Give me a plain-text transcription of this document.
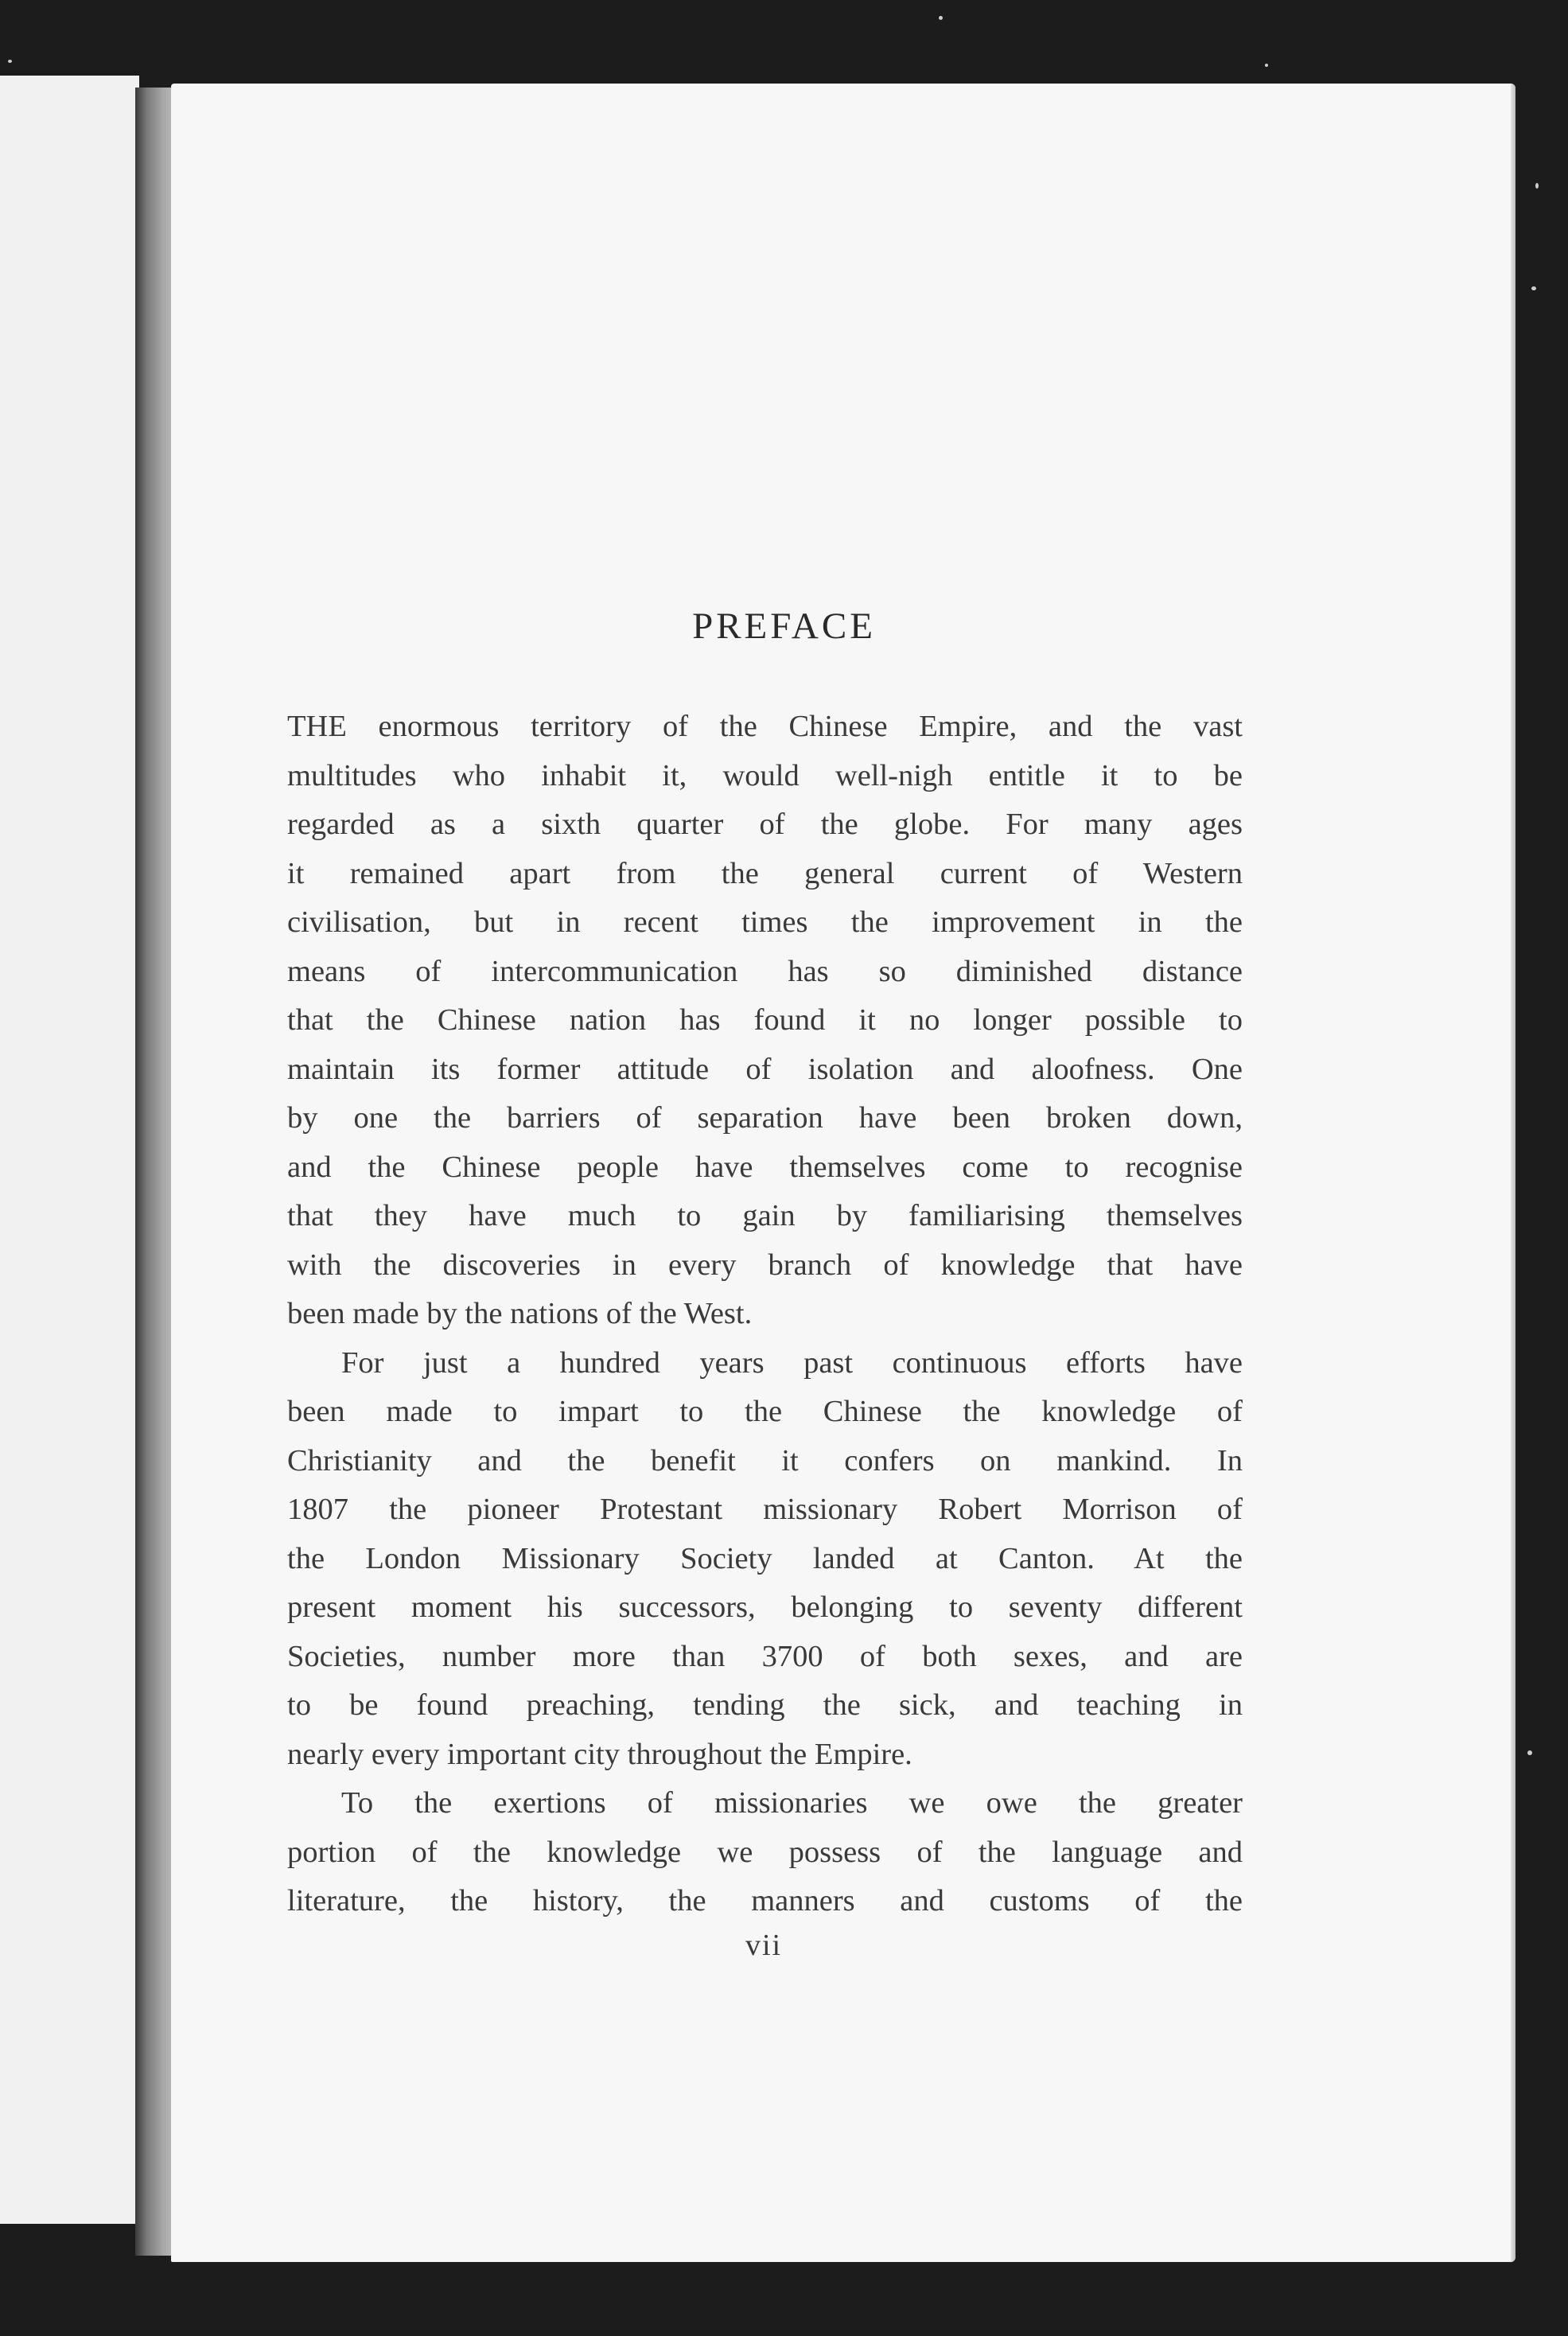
PREFACE
THE enormous territory of the Chinese Empire, and the vast
multitudes who inhabit it, would well-nigh entitle it to be
regarded as a sixth quarter of the globe. For many ages
it remained apart from the general current of Western
civilisation, but in recent times the improvement in the
means of intercommunication has so diminished distance
that the Chinese nation has found it no longer possible to
maintain its former attitude of isolation and aloofness. One
by one the barriers of separation have been broken down,
and the Chinese people have themselves come to recognise
that they have much to gain by familiarising themselves
with the discoveries in every branch of knowledge that have
been made by the nations of the West.
For just a hundred years past continuous efforts have
been made to impart to the Chinese the knowledge of
Christianity and the benefit it confers on mankind. In
1807 the pioneer Protestant missionary Robert Morrison of
the London Missionary Society landed at Canton. At the
present moment his successors, belonging to seventy different
Societies, number more than 3700 of both sexes, and are
to be found preaching, tending the sick, and teaching in
nearly every important city throughout the Empire.
To the exertions of missionaries we owe the greater
portion of the knowledge we possess of the language and
literature, the history, the manners and customs of the
vii
